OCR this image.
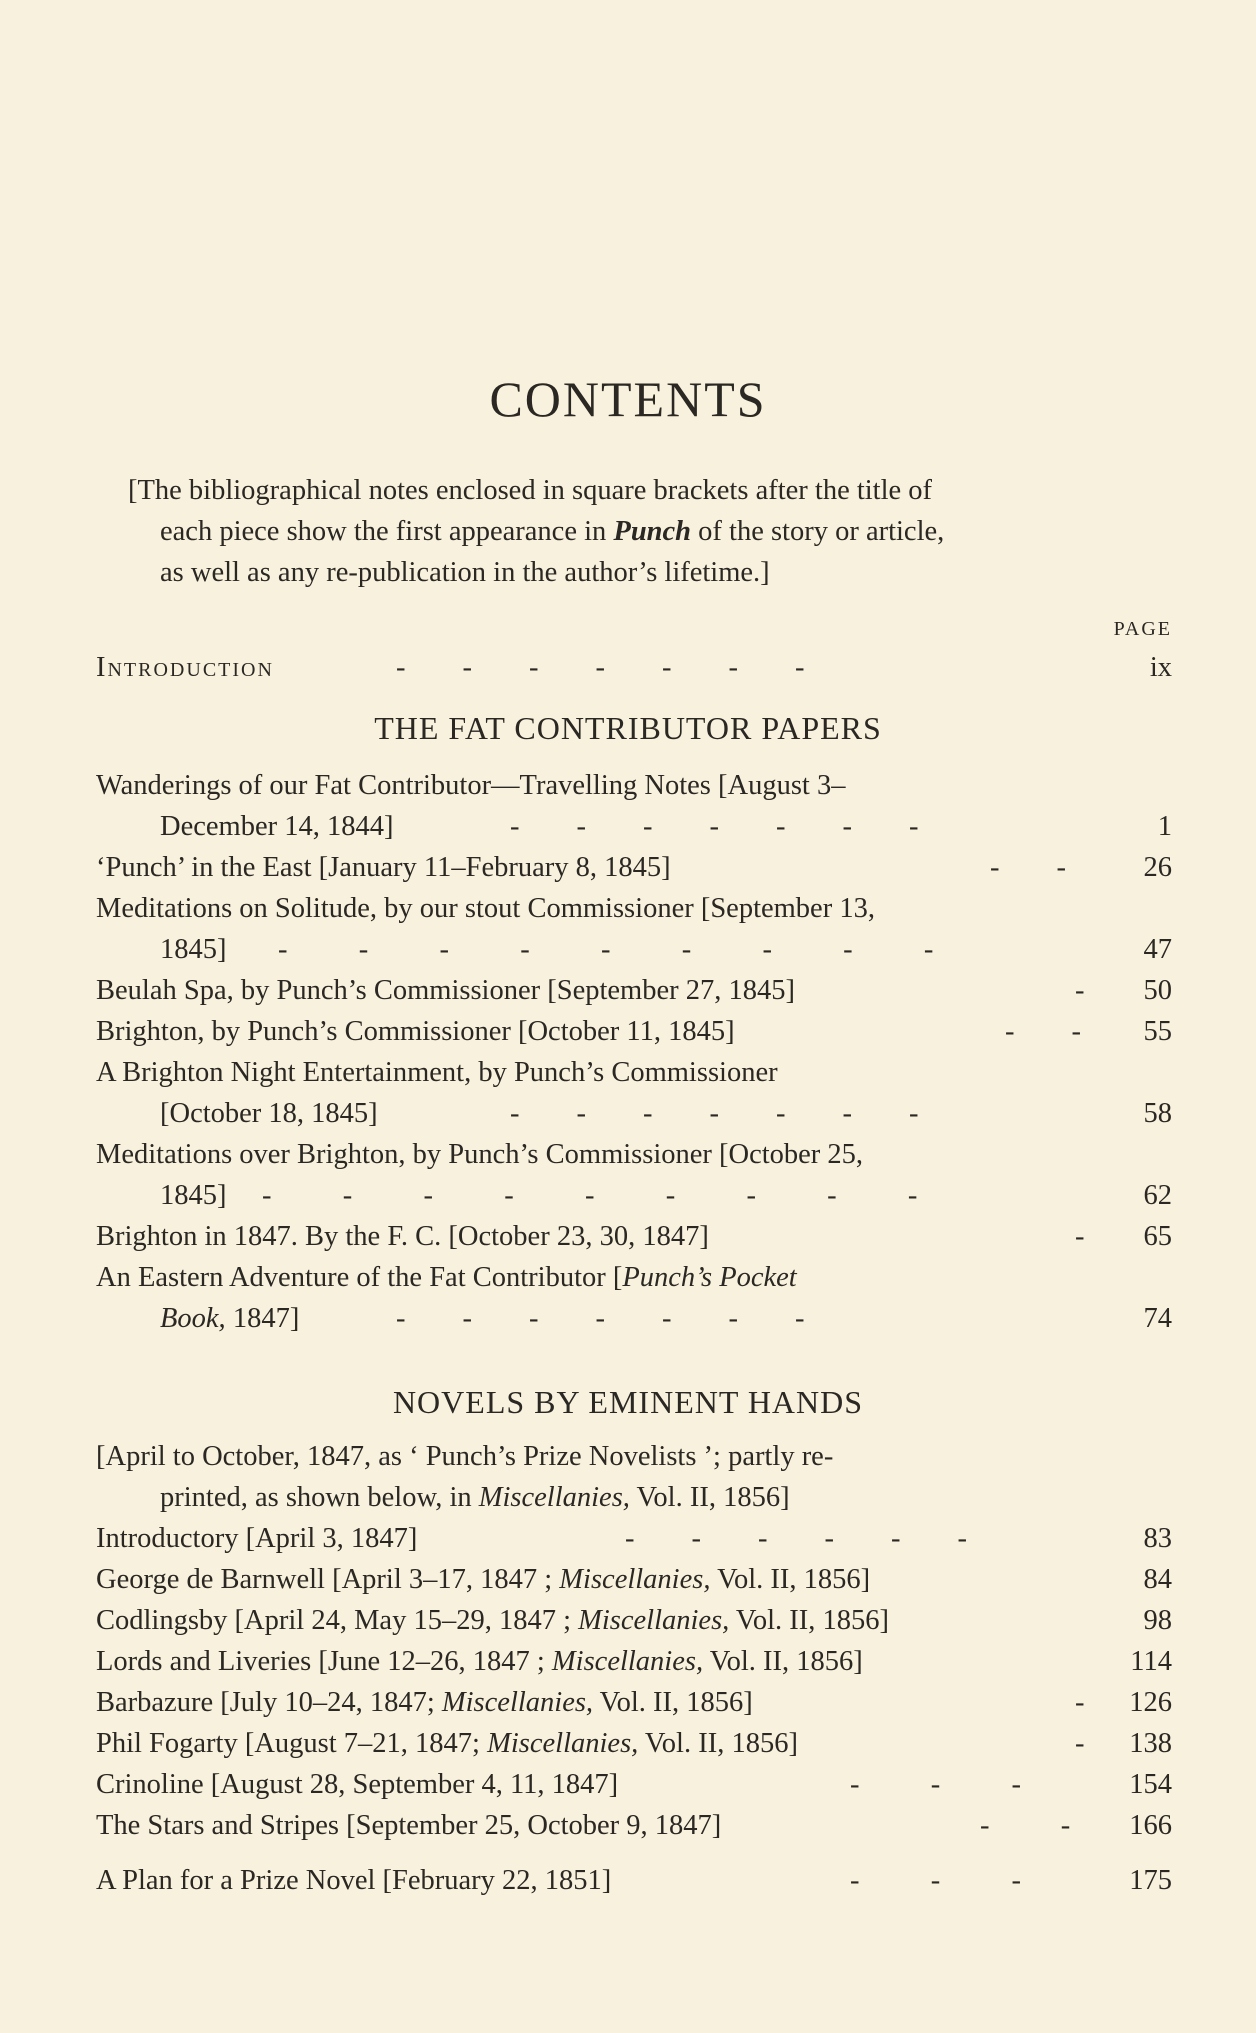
CONTENTS

[The bibliographical notes enclosed in square brackets after the title of

each piece show the first appearance in Punch of the story or article,

as well as any re-publication in the author’s lifetime.]

PAGE
Introduction	-        -        -        -        -        -        -	ix
THE FAT CONTRIBUTOR PAPERS
Wanderings of our Fat Contributor—Travelling Notes [August 3–
December 14, 1844]	-        -        -        -        -        -        -	1
‘Punch’ in the East [January 11–February 8, 1845]	-        -	26
Meditations on Solitude, by our stout Commissioner [September 13,
1845] -          -          -          -          -          -          -          -          -	47
Beulah Spa, by Punch’s Commissioner [September 27, 1845]	-	50
Brighton, by Punch’s Commissioner [October 11, 1845]	-        -	55
A Brighton Night Entertainment, by Punch’s Commissioner
[October 18, 1845]	-        -        -        -        -        -        -	58
Meditations over Brighton, by Punch’s Commissioner [October 25,
1845] -          -          -          -          -          -          -          -          -	62
Brighton in 1847. By the F. C. [October 23, 30, 1847]	-	65
An Eastern Adventure of the Fat Contributor [Punch’s Pocket
Book, 1847]	-        -        -        -        -        -        -	74
NOVELS BY EMINENT HANDS
[April to October, 1847, as ‘ Punch’s Prize Novelists ’; partly re-
printed, as shown below, in Miscellanies, Vol. II, 1856]
Introductory [April 3, 1847]	-        -        -        -        -        -	83
George de Barnwell [April 3–17, 1847 ; Miscellanies, Vol. II, 1856]	84
Codlingsby [April 24, May 15–29, 1847 ; Miscellanies, Vol. II, 1856]	98
Lords and Liveries [June 12–26, 1847 ; Miscellanies, Vol. II, 1856]	114
Barbazure [July 10–24, 1847; Miscellanies, Vol. II, 1856]	-	126
Phil Fogarty [August 7–21, 1847; Miscellanies, Vol. II, 1856]	-	138
Crinoline [August 28, September 4, 11, 1847]	-          -          -	154
The Stars and Stripes [September 25, October 9, 1847]	-          -	166
A Plan for a Prize Novel [February 22, 1851]	-          -          -	175
